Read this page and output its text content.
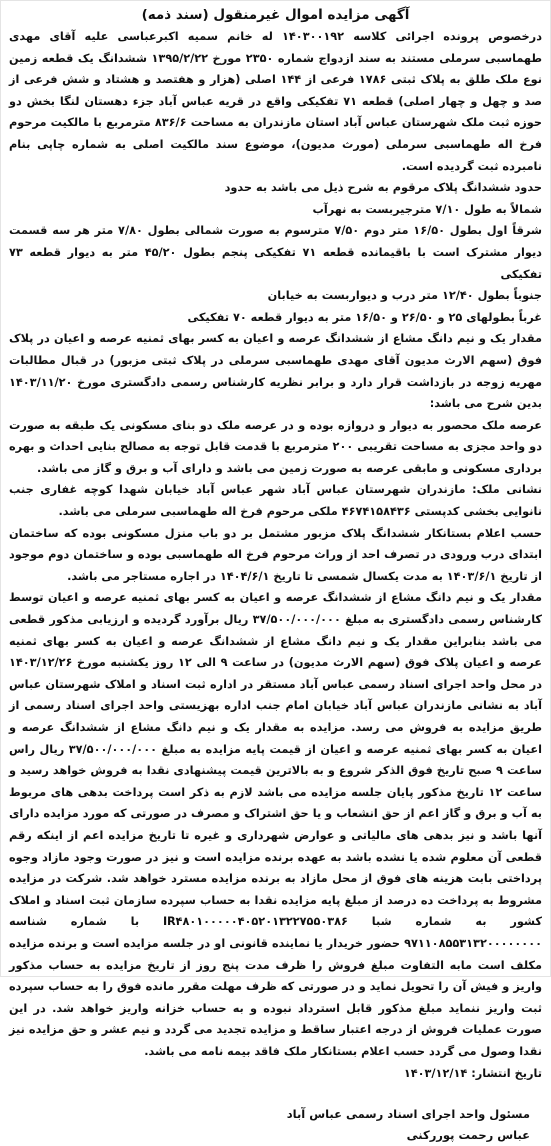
آگهی مزایده اموال غیرمنقول (سند ذمه)

درخصوص پرونده اجرائی کلاسه ۱۴۰۳۰۰۱۹۲ له خانم سمیه اکبرعباسی علیه آقای مهدی طهماسبی سرملی مستند به سند ازدواج شماره ۲۳۵۰ مورخ ۱۳۹۵/۲/۲۲ ششدانگ یک قطعه زمین نوع ملک طلق به پلاک ثبتی ۱۷۸۶ فرعی از ۱۴۴ اصلی (هزار و هفتصد و هشتاد و شش فرعی از صد و چهل و چهار اصلی) قطعه ۷۱ تفکیکی واقع در قریه عباس آباد جزء دهستان لنگا بخش دو حوزه ثبت ملک شهرستان عباس آباد استان مازندران به مساحت ۸۳۶/۶ مترمربع با مالکیت مرحوم فرخ اله طهماسبی سرملی (مورث مدیون)، موضوع سند مالکیت اصلی به شماره چاپی بنام نامبرده ثبت گردیده است.

حدود ششدانگ پلاک مرقوم به شرح ذیل می باشد به حدود

شمالاً به طول ۷/۱۰ مترجیربست به نهرآب

شرقاً اول بطول ۱۶/۵۰ متر دوم ۷/۵۰ مترسوم به صورت شمالی بطول ۷/۸۰ متر هر سه قسمت دیوار مشترک است با باقیمانده قطعه ۷۱ تفکیکی پنجم بطول ۴۵/۲۰ متر به دیوار قطعه ۷۳ تفکیکی

جنوباً بطول ۱۲/۴۰ متر درب و دیواربست به خیابان

غرباً بطولهای ۲۵ و ۲۶/۵۰ و ۱۶/۵۰ متر به دیوار قطعه ۷۰ تفکیکی

مقدار یک و نیم دانگ مشاع از ششدانگ عرصه و اعیان به کسر بهای ثمنیه عرصه و اعیان در پلاک فوق (سهم الارث مدیون آقای مهدی طهماسبی سرملی در پلاک ثبتی مزبور) در قبال مطالبات مهریه زوجه در بازداشت قرار دارد و برابر نظریه کارشناس رسمی دادگستری مورخ ۱۴۰۳/۱۱/۲۰ بدین شرح می باشد:

عرصه ملک محصور به دیوار و دروازه بوده و در عرصه ملک دو بنای مسکونی یک طبقه به صورت دو واحد مجزی به مساحت تقریبی ۲۰۰ مترمربع با قدمت قابل توجه به مصالح بنایی احداث و بهره برداری مسکونی و مابقی عرصه به صورت زمین می باشد و دارای آب و برق و گاز می باشد.

نشانی ملک: مازندران شهرستان عباس آباد شهر عباس آباد خیابان شهدا کوچه غفاری جنب نانوایی بخشی کدپستی ۴۶۷۴۱۵۸۴۳۶ ملکی مرحوم فرخ اله طهماسبی سرملی می باشد.

حسب اعلام بستانکار ششدانگ پلاک مزبور مشتمل بر دو باب منزل مسکونی بوده که ساختمان ابتدای درب ورودی در تصرف احد از وراث مرحوم فرخ اله طهماسبی بوده و ساختمان دوم موجود از تاریخ ۱۴۰۳/۶/۱ به مدت یکسال شمسی تا تاریخ ۱۴۰۴/۶/۱ در اجاره مستاجر می باشد.

مقدار یک و نیم دانگ مشاع از ششدانگ عرصه و اعیان به کسر بهای ثمنیه عرصه و اعیان توسط کارشناس رسمی دادگستری به مبلغ ۳۷/۵۰۰/۰۰۰/۰۰۰ ریال برآورد گردیده و ارزیابی مذکور قطعی می باشد بنابراین مقدار یک و نیم دانگ مشاع از ششدانگ عرصه و اعیان به کسر بهای ثمنیه عرصه و اعیان پلاک فوق (سهم الارث مدیون) در ساعت ۹ الی ۱۲ روز یکشنبه مورخ ۱۴۰۳/۱۲/۲۶ در محل واحد اجرای اسناد رسمی عباس آباد مستقر در اداره ثبت اسناد و املاک شهرستان عباس آباد به نشانی مازندران عباس آباد خیابان امام جنب اداره بهزیستی واحد اجرای اسناد رسمی از طریق مزایده به فروش می رسد. مزایده به مقدار یک و نیم دانگ مشاع از ششدانگ عرصه و اعیان به کسر بهای ثمنیه عرصه و اعیان از قیمت پایه مزایده به مبلغ ۳۷/۵۰۰/۰۰۰/۰۰۰ ریال راس ساعت ۹ صبح تاریخ فوق الذکر شروع و به بالاترین قیمت پیشنهادی نقدا به فروش خواهد رسید و ساعت ۱۲ تاریخ مذکور پایان جلسه مزایده می باشد لازم به ذکر است پرداخت بدهی های مربوط به آب و برق و گاز اعم از حق انشعاب و یا حق اشتراک و مصرف در صورتی که مورد مزایده دارای آنها باشد و نیز بدهی های مالیاتی و عوارض شهرداری و غیره تا تاریخ مزایده اعم از اینکه رقم قطعی آن معلوم شده یا نشده باشد به عهده برنده مزایده است و نیز در صورت وجود مازاد وجوه پرداختی بابت هزینه های فوق از محل مازاد به برنده مزایده مسترد خواهد شد. شرکت در مزایده مشروط به پرداخت ده درصد از مبلغ پایه مزایده نقدا به حساب سپرده سازمان ثبت اسناد و املاک کشور به شماره شبا IR۴۸۰۱۰۰۰۰۰۴۰۵۲۰۱۳۲۲۷۵۵۰۳۸۶ با شماره شناسه ۹۷۱۱۰۸۵۵۳۱۳۲۰۰۰۰۰۰۰۰ حضور خریدار یا نماینده قانونی او در جلسه مزایده است و برنده مزایده مکلف است مابه التفاوت مبلغ فروش را ظرف مدت پنج روز از تاریخ مزایده به حساب مذکور واریز و فیش آن را تحویل نماید و در صورتی که ظرف مهلت مقرر مانده فوق را به حساب سپرده ثبت واریز ننماید مبلغ مذکور قابل استرداد نبوده و به حساب خزانه واریز خواهد شد. در این صورت عملیات فروش از درجه اعتبار ساقط و مزایده تجدید می گردد و نیم عشر و حق مزایده نیز نقدا وصول می گردد حسب اعلام بستانکار ملک فاقد بیمه نامه می باشد.

تاریخ انتشار: ۱۴۰۳/۱۲/۱۴

مسئول واحد اجرای اسناد رسمی عباس آباد
عباس رحمت پوررکنی
